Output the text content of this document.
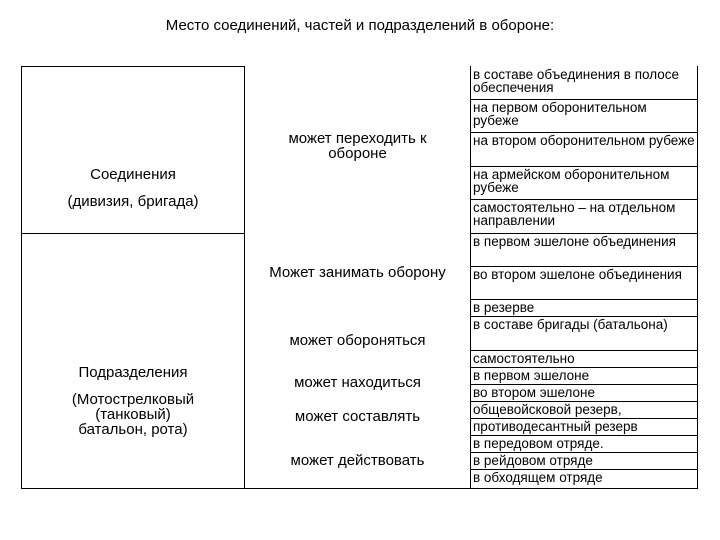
Место соединений, частей и подразделений в обороне:
Соединения
(дивизия, бригада)
Подразделения
(Мотострелковый
(танковый)
батальон, рота)
может переходить к
обороне
Может занимать оборону
может обороняться
может находиться
может составлять
может действовать
в составе объединения в полосе обеспечения
на первом оборонительном рубеже
на втором оборонительном рубеже
на армейском оборонительном рубеже
самостоятельно – на отдельном направлении
в первом эшелоне объединения
во втором эшелоне объединения
в резерве
в составе бригады (батальона)
самостоятельно
в первом эшелоне
во втором эшелоне
общевойсковой резерв,
противодесантный резерв
в передовом отряде.
в рейдовом отряде
в обходящем отряде
